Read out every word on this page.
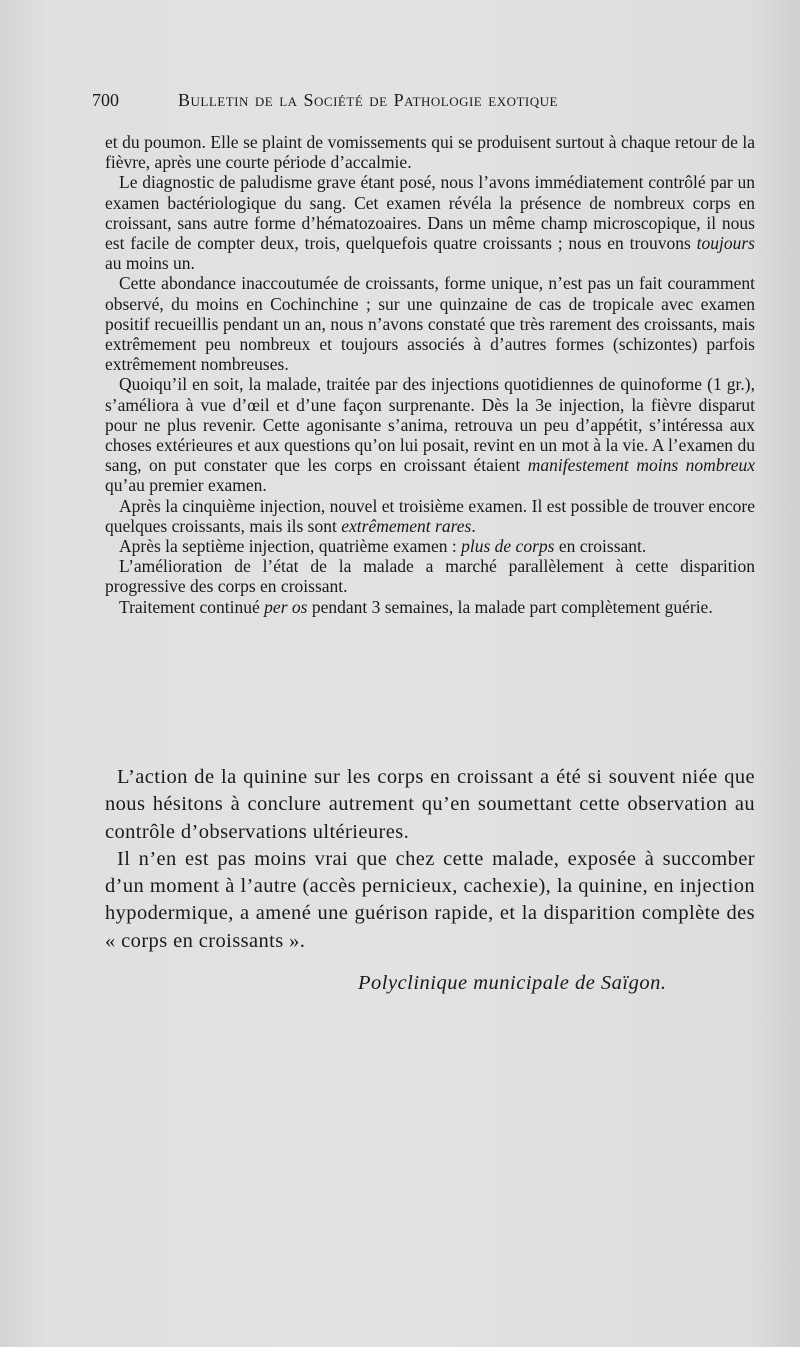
700	Bulletin de la Société de Pathologie exotique

et du poumon. Elle se plaint de vomissements qui se produisent surtout à chaque retour de la fièvre, après une courte période d’accalmie.

Le diagnostic de paludisme grave étant posé, nous l’avons immédiatement contrôlé par un examen bactériologique du sang. Cet examen révéla la présence de nombreux corps en croissant, sans autre forme d’hématozoaires. Dans un même champ microscopique, il nous est facile de compter deux, trois, quelquefois quatre croissants ; nous en trouvons toujours au moins un.

Cette abondance inaccoutumée de croissants, forme unique, n’est pas un fait couramment observé, du moins en Cochinchine ; sur une quinzaine de cas de tropicale avec examen positif recueillis pendant un an, nous n’avons constaté que très rarement des croissants, mais extrêmement peu nombreux et toujours associés à d’autres formes (schizontes) parfois extrêmement nombreuses.

Quoiqu’il en soit, la malade, traitée par des injections quotidiennes de quinoforme (1 gr.), s’améliora à vue d’œil et d’une façon surprenante. Dès la 3e injection, la fièvre disparut pour ne plus revenir. Cette agonisante s’anima, retrouva un peu d’appétit, s’intéressa aux choses extérieures et aux questions qu’on lui posait, revint en un mot à la vie. A l’examen du sang, on put constater que les corps en croissant étaient manifestement moins nombreux qu’au premier examen.

Après la cinquième injection, nouvel et troisième examen. Il est possible de trouver encore quelques croissants, mais ils sont extrêmement rares.

Après la septième injection, quatrième examen : plus de corps en croissant.

L’amélioration de l’état de la malade a marché parallèlement à cette disparition progressive des corps en croissant.

Traitement continué per os pendant 3 semaines, la malade part complètement guérie.

L’action de la quinine sur les corps en croissant a été si souvent niée que nous hésitons à conclure autrement qu’en soumettant cette observation au contrôle d’observations ultérieures.

Il n’en est pas moins vrai que chez cette malade, exposée à succomber d’un moment à l’autre (accès pernicieux, cachexie), la quinine, en injection hypodermique, a amené une guérison rapide, et la disparition complète des « corps en croissants ».

Polyclinique municipale de Saïgon.
